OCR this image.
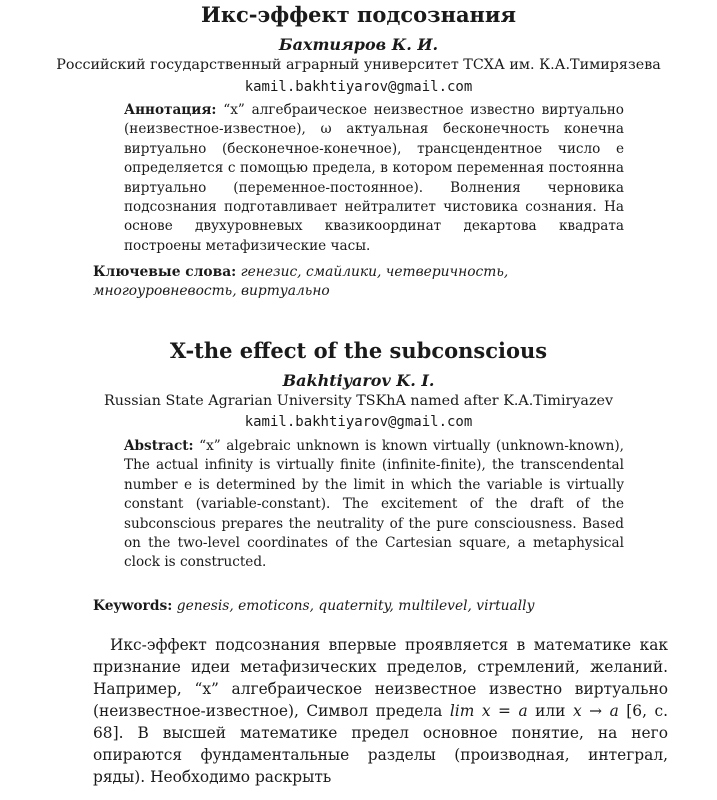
Икс-эффект подсознания
Бахтияров К. И.
Российский государственный аграрный университет ТСХА им. К.А.Тимирязева
kamil.bakhtiyarov@gmail.com
Аннотация: “x” алгебраическое неизвестное известно виртуально (неизвестное-известное), ω актуальная бесконечность конечна виртуально (бесконечное-конечное), трансцендентное число e определяется с помощью предела, в котором переменная постоянна виртуально (переменное-постоянное). Волнения черновика подсознания подготавливает нейтралитет чистовика сознания. На основе двухуровневых квазикоординат декартова квадрата построены метафизические часы.
Ключевые слова: генезис, смайлики, четверичность, многоуровневость, виртуально
X-the effect of the subconscious
Bakhtiyarov K. I.
Russian State Agrarian University TSKhA named after K.A.Timiryazev
kamil.bakhtiyarov@gmail.com
Abstract: “x” algebraic unknown is known virtually (unknown-known), The actual infinity is virtually finite (infinite-finite), the transcendental number e is determined by the limit in which the variable is virtually constant (variable-constant). The excitement of the draft of the subconscious prepares the neutrality of the pure consciousness. Based on the two-level coordinates of the Cartesian square, a metaphysical clock is constructed.
Keywords: genesis, emoticons, quaternity, multilevel, virtually

Икс-эффект подсознания впервые проявляется в математике как признание идеи метафизических пределов, стремлений, желаний. Например, “x” алгебраическое неизвестное известно виртуально (неизвестное-известное), Символ предела lim x = a или x → a [6, с. 68]. В высшей математике предел основное понятие, на него опираются фундаментальные разделы (производная, интеграл, ряды). Необходимо раскрыть
